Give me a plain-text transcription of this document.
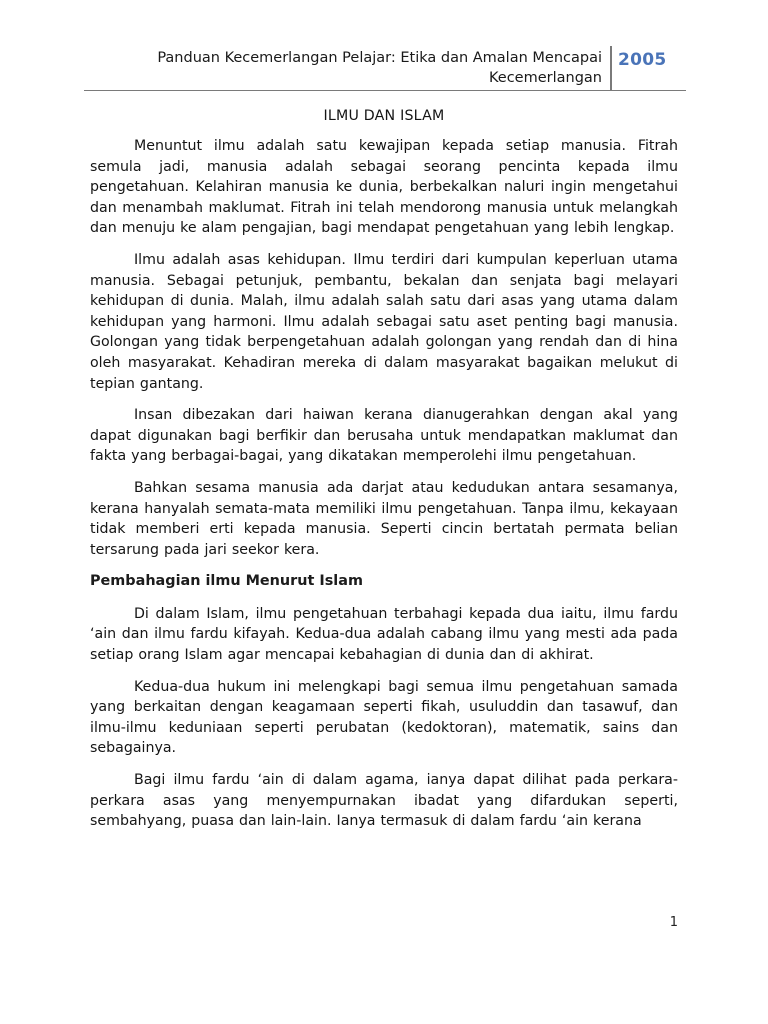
Panduan Kecemerlangan Pelajar: Etika dan Amalan Mencapai
Kecemerlangan
2005
ILMU DAN ISLAM

Menuntut ilmu adalah satu kewajipan kepada setiap manusia. Fitrah semula jadi, manusia adalah sebagai seorang pencinta kepada ilmu pengetahuan. Kelahiran manusia ke dunia, berbekalkan naluri ingin mengetahui dan menambah maklumat. Fitrah ini telah mendorong manusia untuk melangkah dan menuju ke alam pengajian, bagi mendapat pengetahuan yang lebih lengkap.

Ilmu adalah asas kehidupan. Ilmu terdiri dari kumpulan keperluan utama manusia. Sebagai petunjuk, pembantu, bekalan dan senjata bagi melayari kehidupan di dunia. Malah, ilmu adalah salah satu dari asas yang utama dalam kehidupan yang harmoni. Ilmu adalah sebagai satu aset penting bagi manusia. Golongan yang tidak berpengetahuan adalah golongan yang rendah dan di hina oleh masyarakat. Kehadiran mereka di dalam masyarakat bagaikan melukut di tepian gantang.

Insan dibezakan dari haiwan kerana dianugerahkan dengan akal yang dapat digunakan bagi berfikir dan berusaha untuk mendapatkan maklumat dan fakta yang berbagai-bagai, yang dikatakan memperolehi ilmu pengetahuan.

Bahkan sesama manusia ada darjat atau kedudukan antara sesamanya, kerana hanyalah semata-mata memiliki ilmu pengetahuan. Tanpa ilmu, kekayaan tidak memberi erti kepada manusia. Seperti cincin bertatah permata belian tersarung pada jari seekor kera.

Pembahagian ilmu Menurut Islam

Di dalam Islam, ilmu pengetahuan terbahagi kepada dua iaitu, ilmu fardu ‘ain dan ilmu fardu kifayah. Kedua-dua adalah cabang ilmu yang mesti ada pada setiap orang Islam agar mencapai kebahagian di dunia dan di akhirat.

Kedua-dua hukum ini melengkapi bagi semua ilmu pengetahuan samada yang berkaitan dengan keagamaan seperti fikah, usuluddin dan tasawuf, dan ilmu-ilmu keduniaan seperti perubatan (kedoktoran), matematik, sains dan sebagainya.

Bagi ilmu fardu ‘ain di dalam agama, ianya dapat dilihat pada perkara-perkara asas yang menyempurnakan ibadat yang difardukan seperti, sembahyang, puasa dan lain-lain. Ianya termasuk di dalam fardu ‘ain kerana

1
